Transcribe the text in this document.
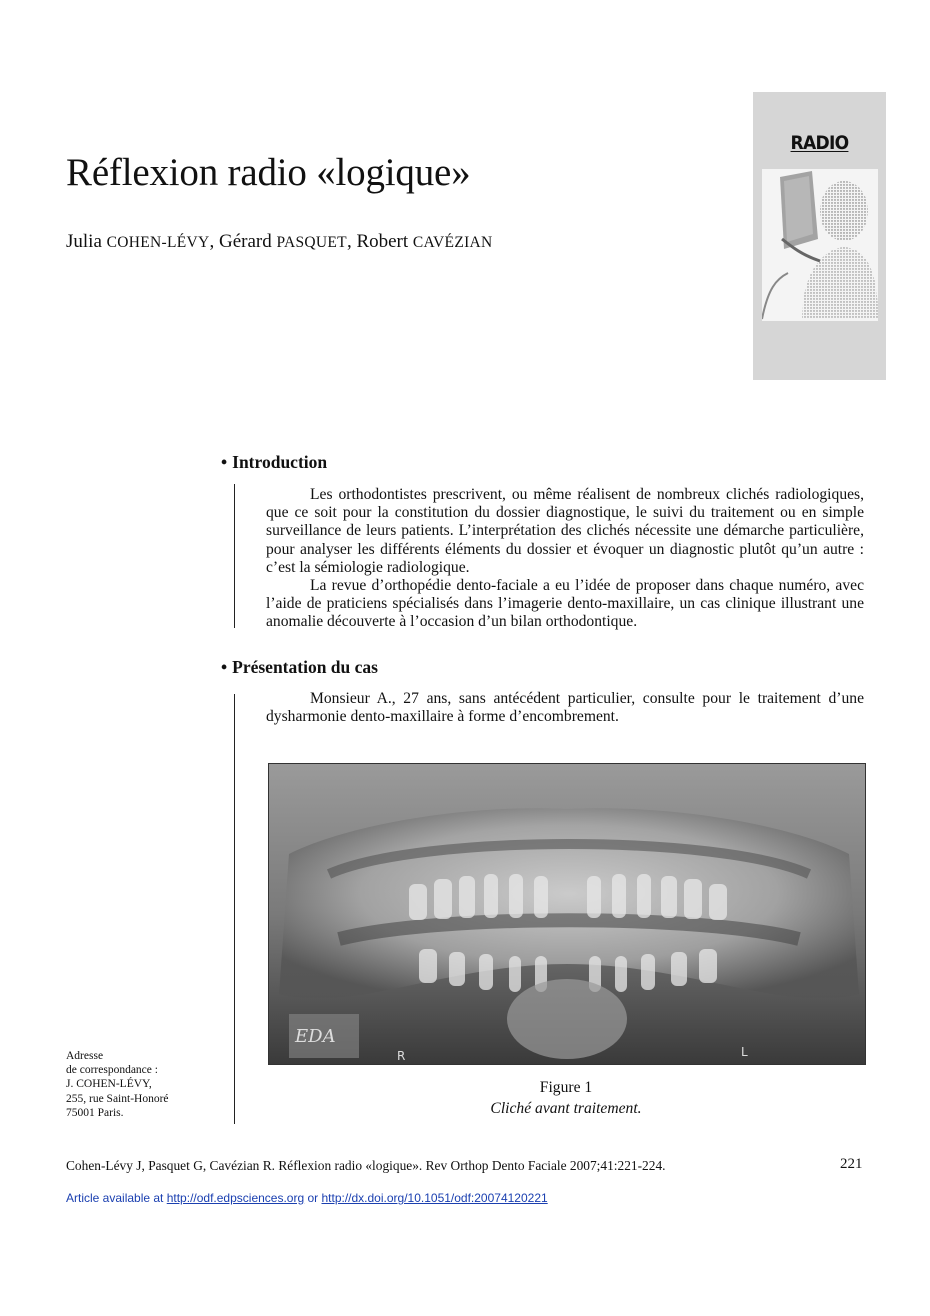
Réflexion radio «logique»
Julia COHEN-LÉVY, Gérard PASQUET, Robert CAVÉZIAN
RADIO
• Introduction

Les orthodontistes prescrivent, ou même réalisent de nombreux clichés radiologiques, que ce soit pour la constitution du dossier diagnostique, le suivi du traitement ou en simple surveillance de leurs patients. L’interprétation des clichés nécessite une démarche particulière, pour analyser les différents éléments du dossier et évoquer un diagnostic plutôt qu’un autre : c’est la sémiologie radiologique.

La revue d’orthopédie dento-faciale a eu l’idée de proposer dans chaque numéro, avec l’aide de praticiens spécialisés dans l’imagerie dento-maxillaire, un cas clinique illustrant une anomalie découverte à l’occasion d’un bilan orthodontique.

• Présentation du cas

Monsieur A., 27 ans, sans antécédent particulier, consulte pour le traitement d’une dysharmonie dento-maxillaire à forme d’encombrement.

EDA
R	L
Figure 1
Cliché avant traitement.
Adresse
de correspondance :
J. COHEN-LÉVY,
255, rue Saint-Honoré
75001 Paris.
Cohen-Lévy J, Pasquet G, Cavézian R. Réflexion radio «logique». Rev Orthop Dento Faciale 2007;41:221-224.	221
Article available at http://odf.edpsciences.org or http://dx.doi.org/10.1051/odf:20074120221
